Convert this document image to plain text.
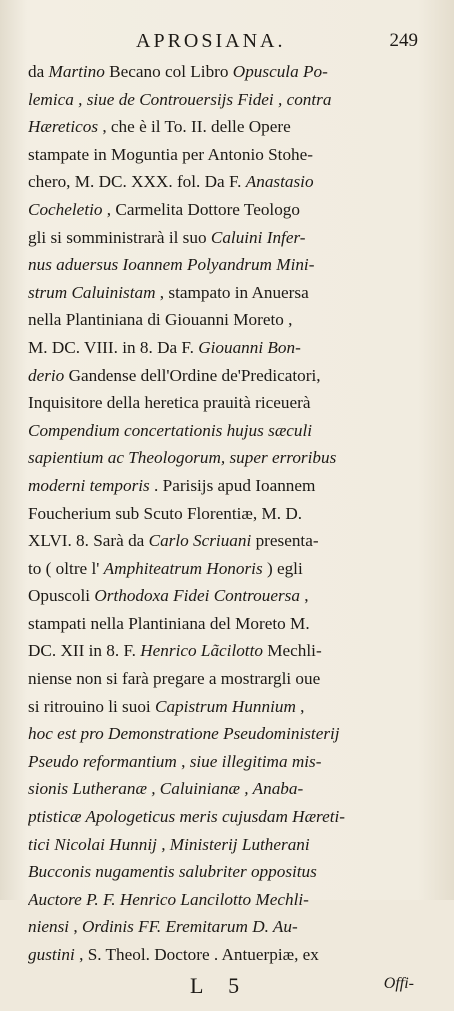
APROSIANA.	249
da Martino Becano col Libro Opuscula Po-
lemica , siue de Controuersijs Fidei , contra
Hæreticos , che è il To. II. delle Opere
stampate in Moguntia per Antonio Stohe-
chero, M. DC. XXX. fol. Da F. Anastasio
Cocheletio , Carmelita Dottore Teologo
gli si somministrarà il suo Caluini Infer-
nus aduersus Ioannem Polyandrum Mini-
strum Caluinistam , stampato in Anuersa
nella Plantiniana di Giouanni Moreto ,
M. DC. VIII. in 8. Da F. Giouanni Bon-
derio Gandense dell'Ordine de'Predicatori,
Inquisitore della heretica prauità riceuerà
Compendium concertationis hujus sæculi
sapientium ac Theologorum, super erroribus
moderni temporis . Parisijs apud Ioannem
Foucherium sub Scuto Florentiæ, M. D.
XLVI. 8. Sarà da Carlo Scriuani presenta-
to ( oltre l' Amphiteatrum Honoris ) egli
Opuscoli Orthodoxa Fidei Controuersa ,
stampati nella Plantiniana del Moreto M.
DC. XII in 8. F. Henrico Lãcilotto Mechli-
niense non si farà pregare a mostrargli oue
si ritrouino li suoi Capistrum Hunnium ,
hoc est pro Demonstratione Pseudoministerij
Pseudo reformantium , siue illegitima mis-
sionis Lutheranæ , Caluinianæ , Anaba-
ptisticæ Apologeticus meris cujusdam Hæreti-
tici Nicolai Hunnij , Ministerij Lutherani
Bucconis nugamentis salubriter oppositus
Auctore P. F. Henrico Lancilotto Mechli-
niensi , Ordinis FF. Eremitarum D. Au-
gustini , S. Theol. Doctore . Antuerpiæ, ex
L 5	Offi-
